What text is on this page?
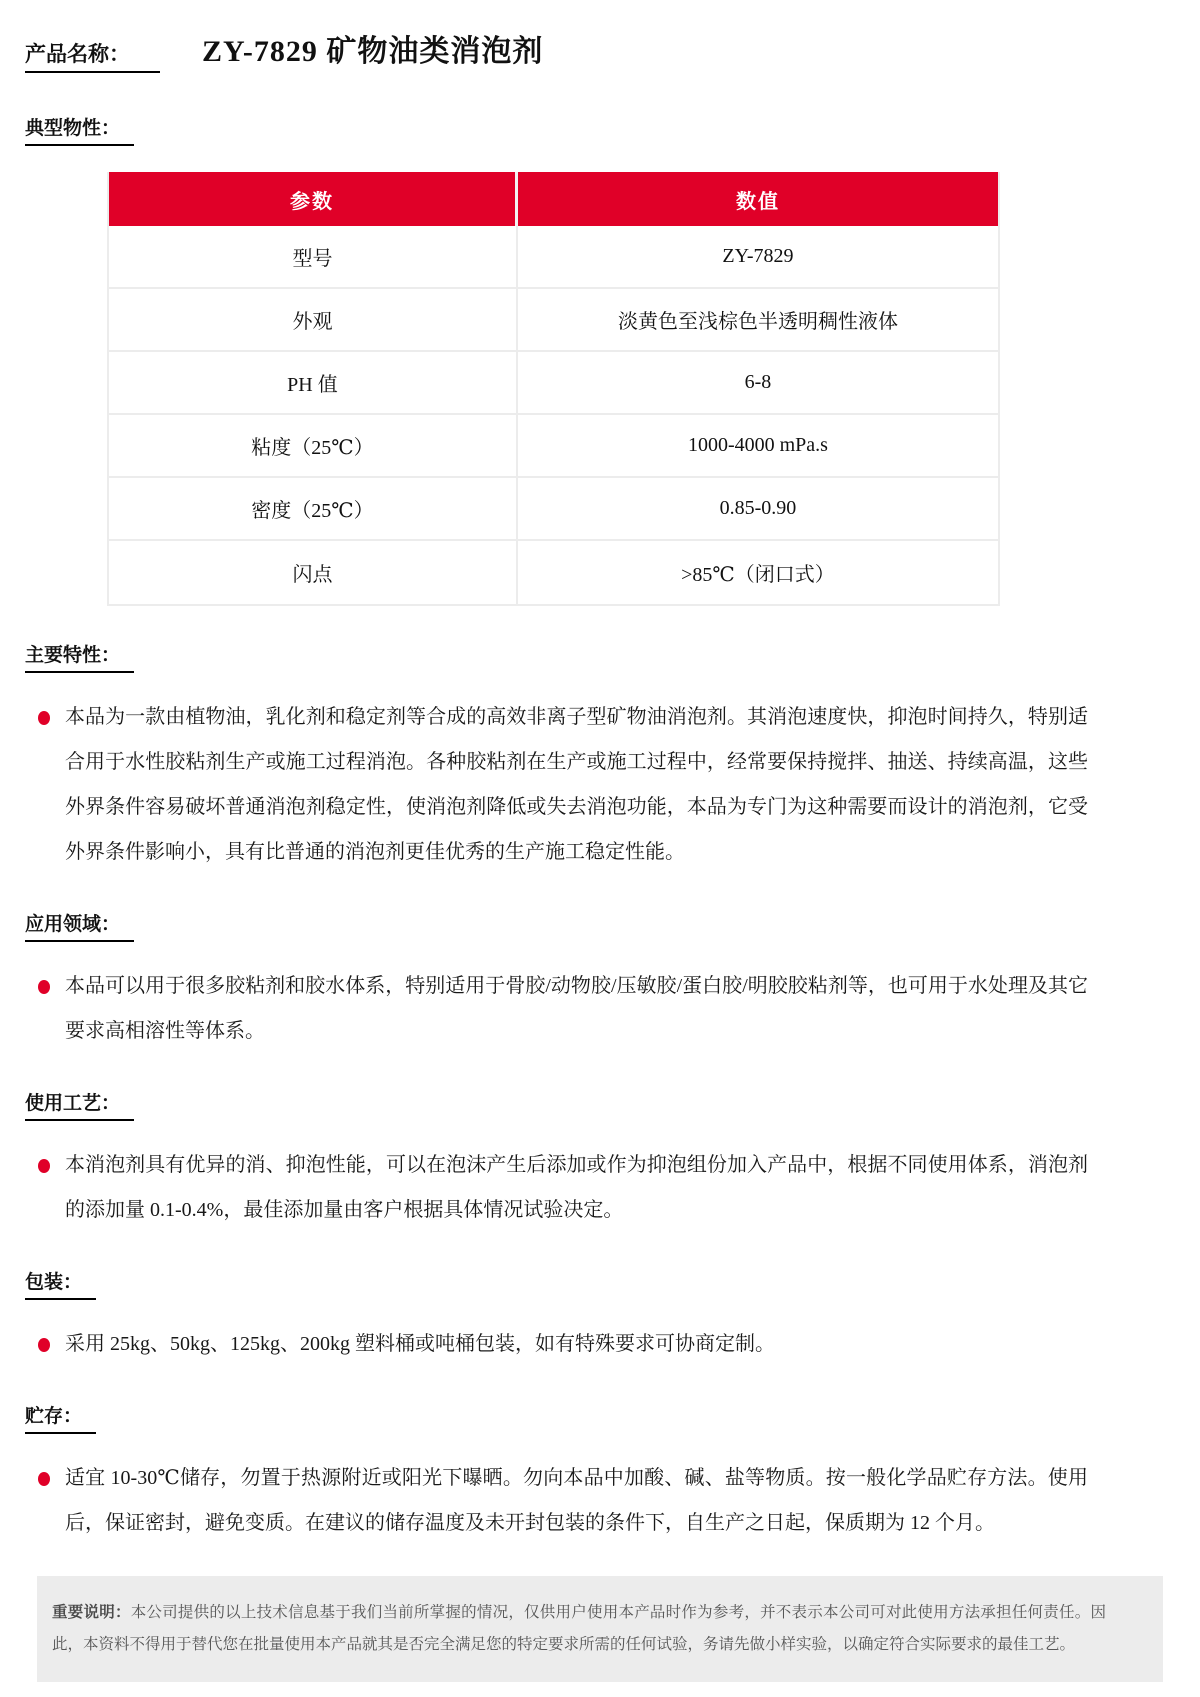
产品名称：	ZY-7829 矿物油类消泡剂
典型物性：
参数	数值
型号	ZY-7829
外观	淡黄色至浅棕色半透明稠性液体
PH 值	6-8
粘度（25℃）	1000-4000 mPa.s
密度（25℃）	0.85-0.90
闪点	>85℃（闭口式）
主要特性：

本品为一款由植物油，乳化剂和稳定剂等合成的高效非离子型矿物油消泡剂。其消泡速度快，抑泡时间持久，特别适合用于水性胶粘剂生产或施工过程消泡。各种胶粘剂在生产或施工过程中，经常要保持搅拌、抽送、持续高温，这些外界条件容易破坏普通消泡剂稳定性，使消泡剂降低或失去消泡功能，本品为专门为这种需要而设计的消泡剂，它受外界条件影响小，具有比普通的消泡剂更佳优秀的生产施工稳定性能。

应用领域：

本品可以用于很多胶粘剂和胶水体系，特别适用于骨胶/动物胶/压敏胶/蛋白胶/明胶胶粘剂等，也可用于水处理及其它要求高相溶性等体系。

使用工艺：

本消泡剂具有优异的消、抑泡性能，可以在泡沫产生后添加或作为抑泡组份加入产品中，根据不同使用体系，消泡剂的添加量 0.1-0.4%，最佳添加量由客户根据具体情况试验决定。

包装：

采用 25kg、50kg、125kg、200kg 塑料桶或吨桶包装，如有特殊要求可协商定制。

贮存：

适宜 10-30℃储存，勿置于热源附近或阳光下曝晒。勿向本品中加酸、碱、盐等物质。按一般化学品贮存方法。使用后，保证密封，避免变质。在建议的储存温度及未开封包装的条件下，自生产之日起，保质期为 12 个月。

重要说明：本公司提供的以上技术信息基于我们当前所掌握的情况，仅供用户使用本产品时作为参考，并不表示本公司可对此使用方法承担任何责任。因此，本资料不得用于替代您在批量使用本产品就其是否完全满足您的特定要求所需的任何试验，务请先做小样实验，以确定符合实际要求的最佳工艺。
